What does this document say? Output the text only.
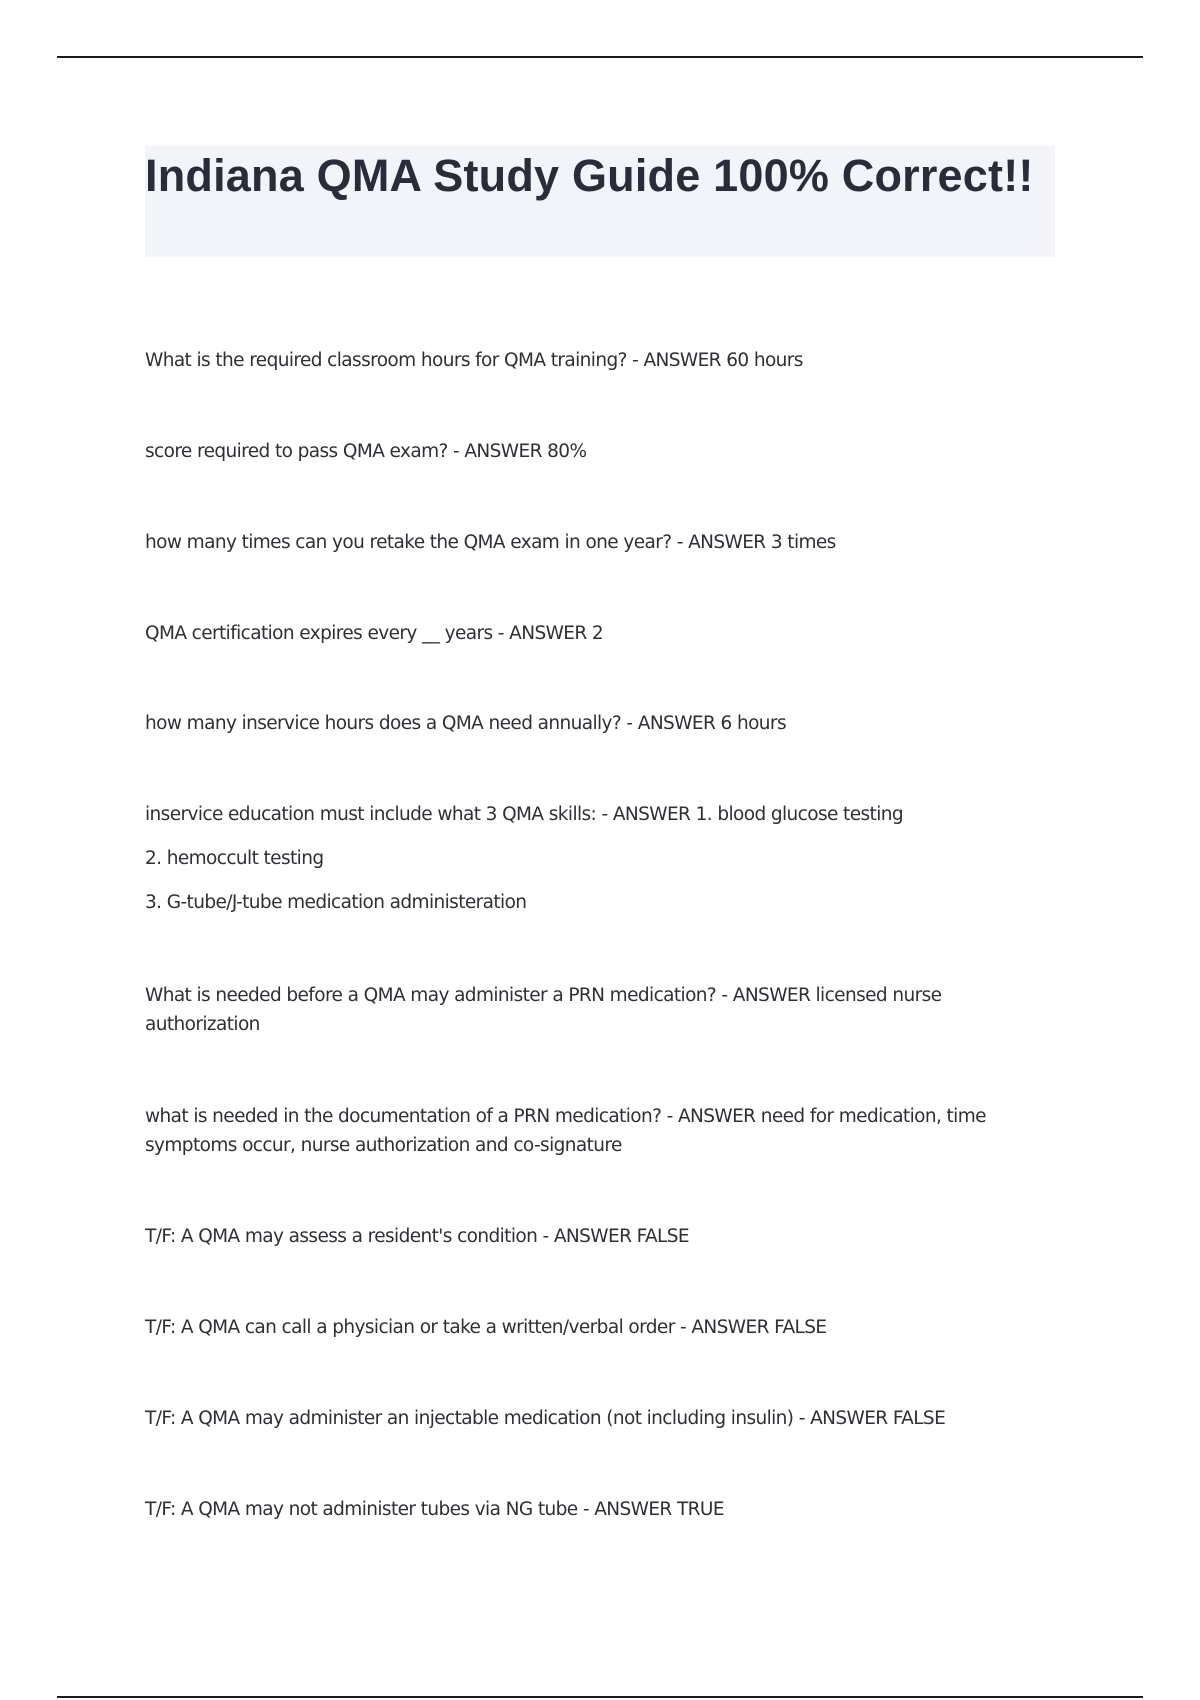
Indiana QMA Study Guide 100% Correct!!

What is the required classroom hours for QMA training? - ANSWER 60 hours

score required to pass QMA exam? - ANSWER 80%

how many times can you retake the QMA exam in one year? - ANSWER 3 times

QMA certification expires every __ years - ANSWER 2

how many inservice hours does a QMA need annually? - ANSWER 6 hours

inservice education must include what 3 QMA skills: - ANSWER 1. blood glucose testing

2. hemoccult testing

3. G-tube/J-tube medication administeration

What is needed before a QMA may administer a PRN medication? - ANSWER licensed nurse authorization

what is needed in the documentation of a PRN medication? - ANSWER need for medication, time symptoms occur, nurse authorization and co-signature

T/F: A QMA may assess a resident's condition - ANSWER FALSE

T/F: A QMA can call a physician or take a written/verbal order - ANSWER FALSE

T/F: A QMA may administer an injectable medication (not including insulin) - ANSWER FALSE

T/F: A QMA may not administer tubes via NG tube - ANSWER TRUE
